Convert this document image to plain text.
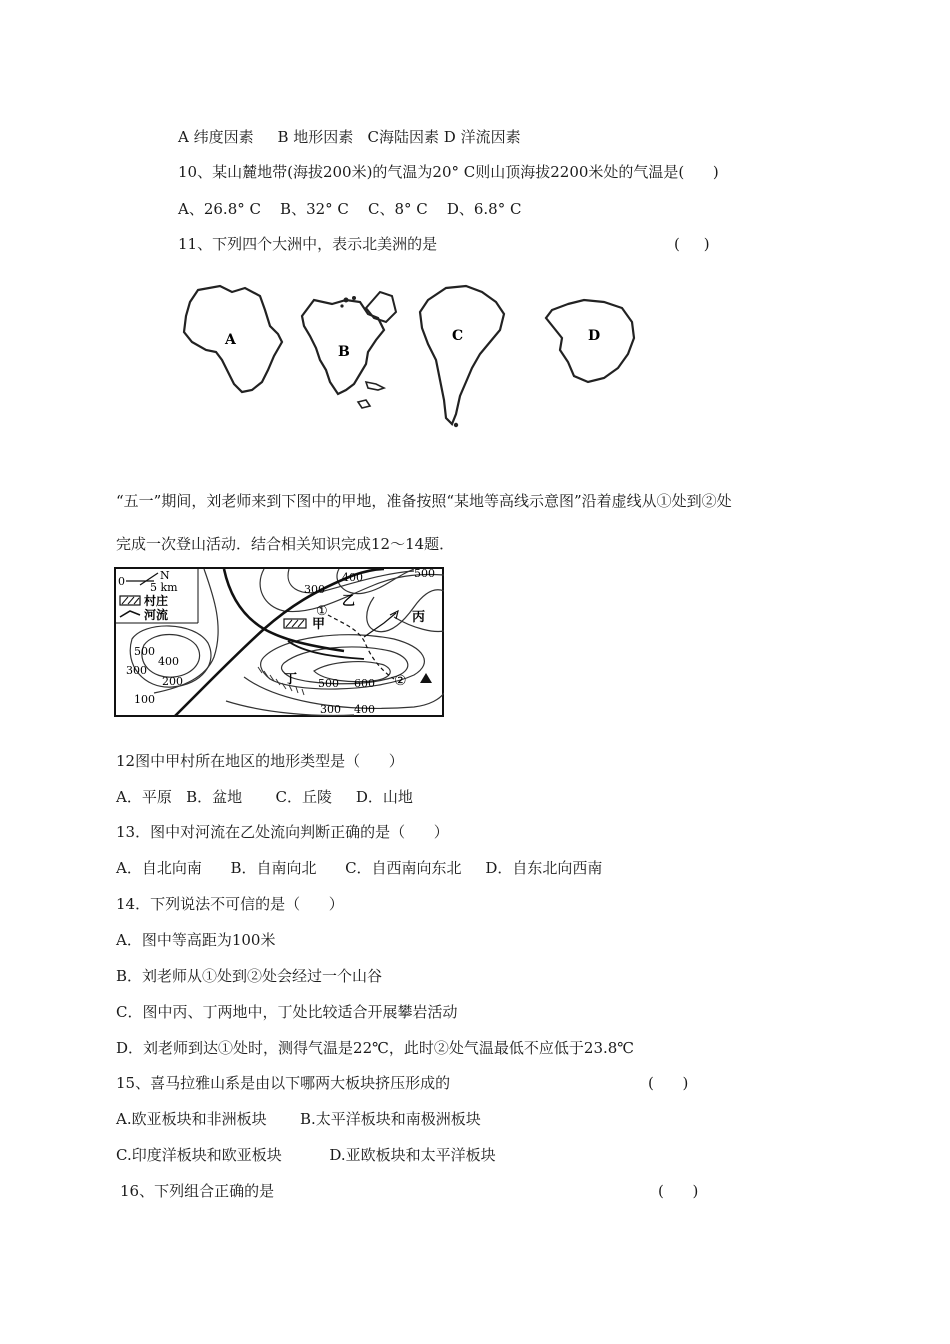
A 纬度因素     B 地形因素   C海陆因素 D 洋流因素
10、某山麓地带(海拔200米)的气温为20° C则山顶海拔2200米处的气温是(      )
A、26.8° C    B、32° C    C、8° C    D、6.8° C
11、下列四个大洲中，表示北美洲的是	(     )
A
B
C	D
“五一”期间，刘老师来到下图中的甲地，准备按照“某地等高线示意图”沿着虚线从①处到②处
完成一次登山活动．结合相关知识完成12～14题．
0	N
5 km
村庄
河流
甲
①
乙
丙
丁	②
300
400	500
500
400
300
200
100
500 600
300 400
12图中甲村所在地区的地形类型是（      ）
A．平原   B．盆地       C．丘陵     D．山地
13．图中对河流在乙处流向判断正确的是（      ）
A．自北向南      B．自南向北      C．自西南向东北     D．自东北向西南
14．下列说法不可信的是（      ）
A．图中等高距为100米
B．刘老师从①处到②处会经过一个山谷
C．图中丙、丁两地中，丁处比较适合开展攀岩活动
D．刘老师到达①处时，测得气温是22℃，此时②处气温最低不应低于23.8℃
15、喜马拉雅山系是由以下哪两大板块挤压形成的	(      )
A.欧亚板块和非洲板块       B.太平洋板块和南极洲板块
C.印度洋板块和欧亚板块          D.亚欧板块和太平洋板块
16、下列组合正确的是	(      )
